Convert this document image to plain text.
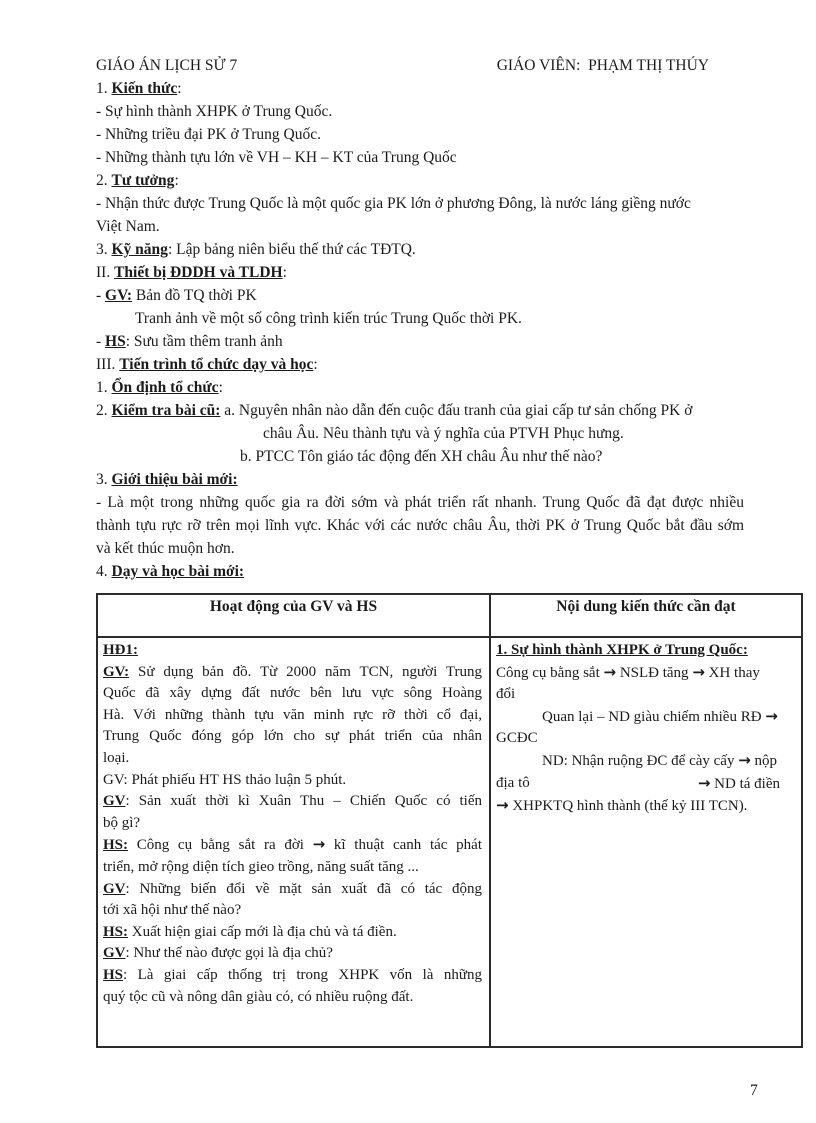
GIÁO ÁN LỊCH SỬ 7	GIÁO VIÊN:  PHẠM THỊ THÚY
1. Kiến thức:
- Sự hình thành XHPK ở Trung Quốc.
- Những triều đại PK ở Trung Quốc.
- Những thành tựu lớn về VH – KH – KT của Trung Quốc
2. Tư tưởng:
- Nhận thức được Trung Quốc là một quốc gia PK lớn ở phương Đông, là nước láng giềng nước
Việt Nam.
3. Kỹ năng: Lập bảng niên biểu thế thứ các TĐTQ.
II. Thiết bị ĐDDH và TLDH:
- GV: Bản đồ TQ thời PK
Tranh ảnh về một số công trình kiến trúc Trung Quốc thời PK.
- HS: Sưu tầm thêm tranh ảnh
III. Tiến trình tổ chức dạy và học:
1. Ổn định tổ chức:
2. Kiểm tra bài cũ: a. Nguyên nhân nào dẫn đến cuộc đấu tranh của giai cấp tư sản chống PK ở
châu Âu. Nêu thành tựu và ý nghĩa của PTVH Phục hưng.
b. PTCC Tôn giáo tác động đến XH châu Âu như thế nào?
3. Giới thiệu bài mới:
- Là một trong những quốc gia ra đời sớm và phát triển rất nhanh. Trung Quốc đã đạt được nhiều
thành tựu rực rỡ trên mọi lĩnh vực. Khác với các nước châu Âu, thời PK ở Trung Quốc bắt đầu sớm
và kết thúc muộn hơn.
4. Dạy và học bài mới:
Hoạt động của GV và HS	Nội dung kiến thức cần đạt

HĐ1:
GV: Sử dụng bản đồ. Từ 2000 năm TCN, người Trung
Quốc đã xây dựng đất nước bên lưu vực sông Hoàng
Hà. Với những thành tựu văn minh rực rỡ thời cổ đại,
Trung Quốc đóng góp lớn cho sự phát triển của nhân
loại.
GV: Phát phiếu HT HS thảo luận 5 phút.
GV: Sản xuất thời kì Xuân Thu – Chiến Quốc có tiến
bộ gì?
HS: Công cụ bằng sắt ra đời → kĩ thuật canh tác phát
triển, mở rộng diện tích gieo trồng, năng suất tăng ...
GV: Những biến đổi về mặt sản xuất đã có tác động
tới xã hội như thế nào?
HS: Xuất hiện giai cấp mới là địa chủ và tá điền.
GV: Như thế nào được gọi là địa chủ?
HS: Là giai cấp thống trị trong XHPK vốn là những
quý tộc cũ và nông dân giàu có, có nhiều ruộng đất.

1. Sự hình thành XHPK ở Trung Quốc:
Công cụ bằng sắt → NSLĐ tăng → XH thay
đổi
Quan lại – ND giàu chiếm nhiều RĐ →
GCĐC
ND: Nhận ruộng ĐC để cày cấy → nộp
địa tô	→ ND tá điền
→ XHPKTQ hình thành (thế kỷ III TCN).
7
